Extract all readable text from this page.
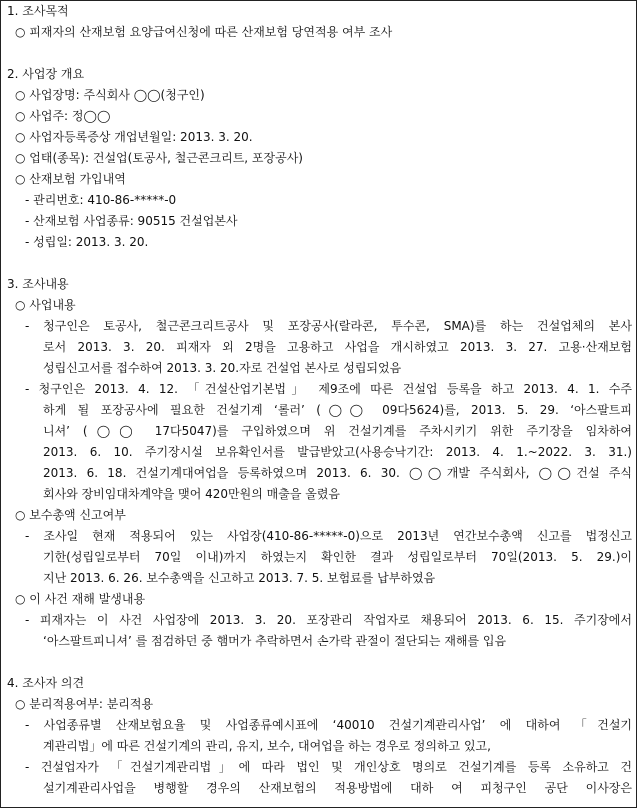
1. 조사목적
○ 피재자의 산재보험 요양급여신청에 따른 산재보험 당연적용 여부 조사
2. 사업장 개요
○ 사업장명: 주식회사 ◯◯(청구인)
○ 사업주: 정◯◯
○ 사업자등록증상 개업년월일: 2013. 3. 20.
○ 업태(종목): 건설업(토공사, 철근콘크리트, 포장공사)
○ 산재보험 가입내역
- 관리번호: 410-86-*****-0
- 산재보험 사업종류: 90515 건설업본사
- 성립일: 2013. 3. 20.
3. 조사내용
○ 사업내용
- 청구인은 토공사, 철근콘크리트공사 및 포장공사(랄라콘, 투수콘, SMA)를 하는 건설업체의 본사
로서 2013. 3. 20. 피재자 외 2명을 고용하고 사업을 개시하였고 2013. 3. 27. 고용·산재보험
성립신고서를 접수하여 2013. 3. 20.자로 건설업 본사로 성립되었음
- 청구인은 2013. 4. 12. 「건설산업기본법」 제9조에 따른 건설업 등록을 하고 2013. 4. 1. 수주
하게 될 포장공사에 필요한 건설기계 ‘롤러’ (◯◯ 09다5624)를, 2013. 5. 29. ‘아스팔트피
니셔’ (◯◯ 17다5047)를 구입하였으며 위 건설기계를 주차시키기 위한 주기장을 임차하여
2013. 6. 10. 주기장시설 보유확인서를 발급받았고(사용승낙기간: 2013. 4. 1.~2022. 3. 31.)
2013. 6. 18. 건설기계대여업을 등록하였으며 2013. 6. 30. ◯◯개발 주식회사, ◯◯건설 주식
회사와 장비임대차계약을 맺어 420만원의 매출을 올렸음
○ 보수총액 신고여부
- 조사일 현재 적용되어 있는 사업장(410-86-*****-0)으로 2013년 연간보수총액 신고를 법정신고
기한(성립일로부터 70일 이내)까지 하였는지 확인한 결과 성립일로부터 70일(2013. 5. 29.)이
지난 2013. 6. 26. 보수총액을 신고하고 2013. 7. 5. 보험료를 납부하였음
○ 이 사건 재해 발생내용
- 피재자는 이 사건 사업장에 2013. 3. 20. 포장관리 작업자로 채용되어 2013. 6. 15. 주기장에서
‘아스팔트피니셔’ 를 점검하던 중 햄머가 추락하면서 손가락 관절이 절단되는 재해를 입음
4. 조사자 의견
○ 분리적용여부: 분리적용
- 사업종류별 산재보험요율 및 사업종류예시표에 ‘40010 건설기계관리사업’ 에 대하여 「건설기
계관리법」에 따른 건설기계의 관리, 유지, 보수, 대여업을 하는 경우로 정의하고 있고,
- 건설업자가 「건설기계관리법」에 따라 법인 및 개인상호 명의로 건설기계를 등록 소유하고 건
설기계관리사업을 병행할 경우의 산재보험의 적용방법에 대하 여 피청구인 공단 이사장은
